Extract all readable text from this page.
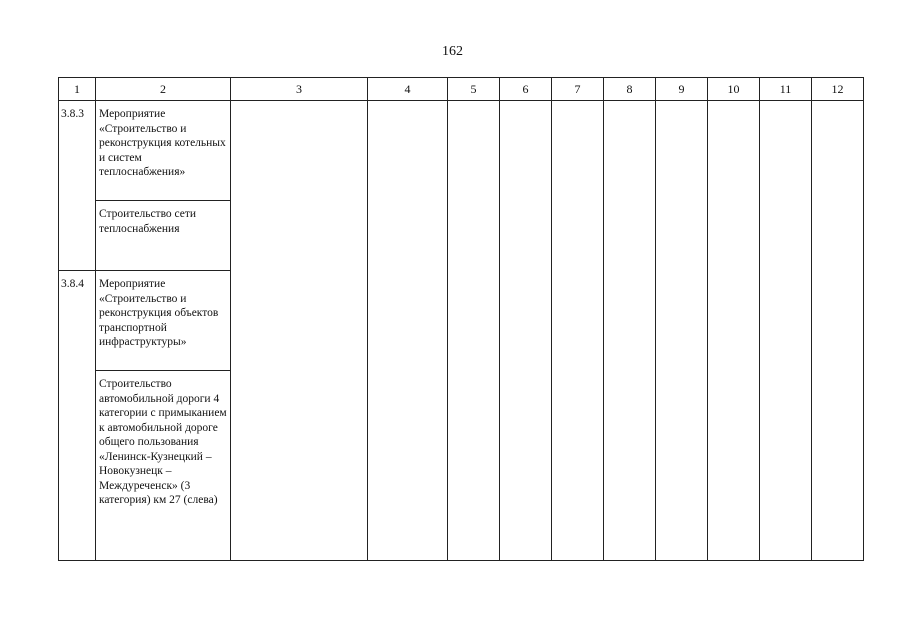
162
1	2	3	4	5	6	7	8	9	10	11	12
3.8.3	Мероприятие «Строительство и реконструкция котельных и систем теплоснабжения»										
	Строительство сети теплоснабжения										
3.8.4	Мероприятие «Строительство и реконструкция объектов транспортной инфраструктуры»										
	Строительство автомобильной дороги 4 категории с примыканием к автомобильной дороге общего пользования «Ленинск-Кузнецкий – Новокузнецк – Междуреченск» (3 категория) км 27 (слева)										
